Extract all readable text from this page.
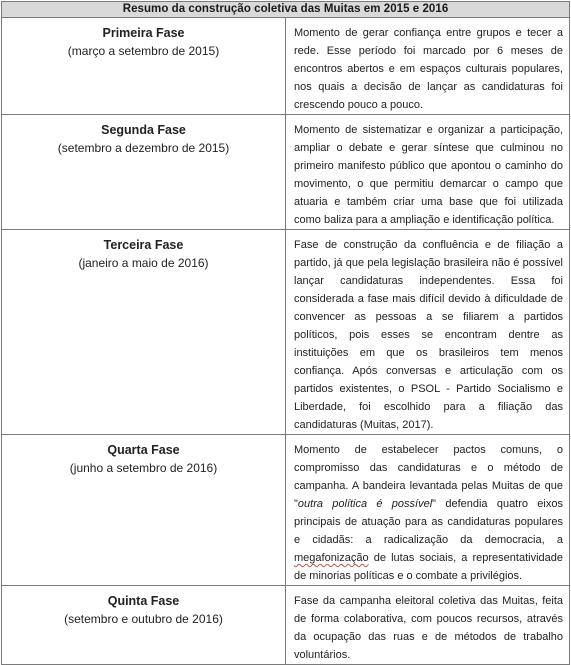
Resumo da construção coletiva das Muitas em 2015 e 2016	

Primeira Fase
(março a setembro de 2015)	Momento de gerar confiança entre grupos e tecer a rede. Esse período foi marcado por 6 meses de encontros abertos e em espaços culturais populares, nos quais a decisão de lançar as candidaturas foi crescendo pouco a pouco.

Segunda Fase
(setembro a dezembro de 2015)	Momento de sistematizar e organizar a participação, ampliar o debate e gerar síntese que culminou no primeiro manifesto público que apontou o caminho do movimento, o que permitiu demarcar o campo que atuaria e também criar uma base que foi utilizada como baliza para a ampliação e identificação política.

Terceira Fase
(janeiro a maio de 2016)	Fase de construção da confluência e de filiação a partido, já que pela legislação brasileira não é possível lançar candidaturas independentes. Essa foi considerada a fase mais difícil devido à dificuldade de convencer as pessoas a se filiarem a partidos políticos, pois esses se encontram dentre as instituições em que os brasileiros tem menos confiança. Após conversas e articulação com os partidos existentes, o PSOL - Partido Socialismo e Liberdade, foi escolhido para a filiação das candidaturas (Muitas, 2017).

Quarta Fase
(junho a setembro de 2016)	Momento de estabelecer pactos comuns, o compromisso das candidaturas e o método de campanha. A bandeira levantada pelas Muitas de que "outra política é possível" defendia quatro eixos principais de atuação para as candidaturas populares e cidadãs: a radicalização da democracia, a megafonização de lutas sociais, a representatividade de minorias políticas e o combate a privilégios.

Quinta Fase
(setembro e outubro de 2016)	Fase da campanha eleitoral coletiva das Muitas, feita de forma colaborativa, com poucos recursos, através da ocupação das ruas e de métodos de trabalho voluntários.
